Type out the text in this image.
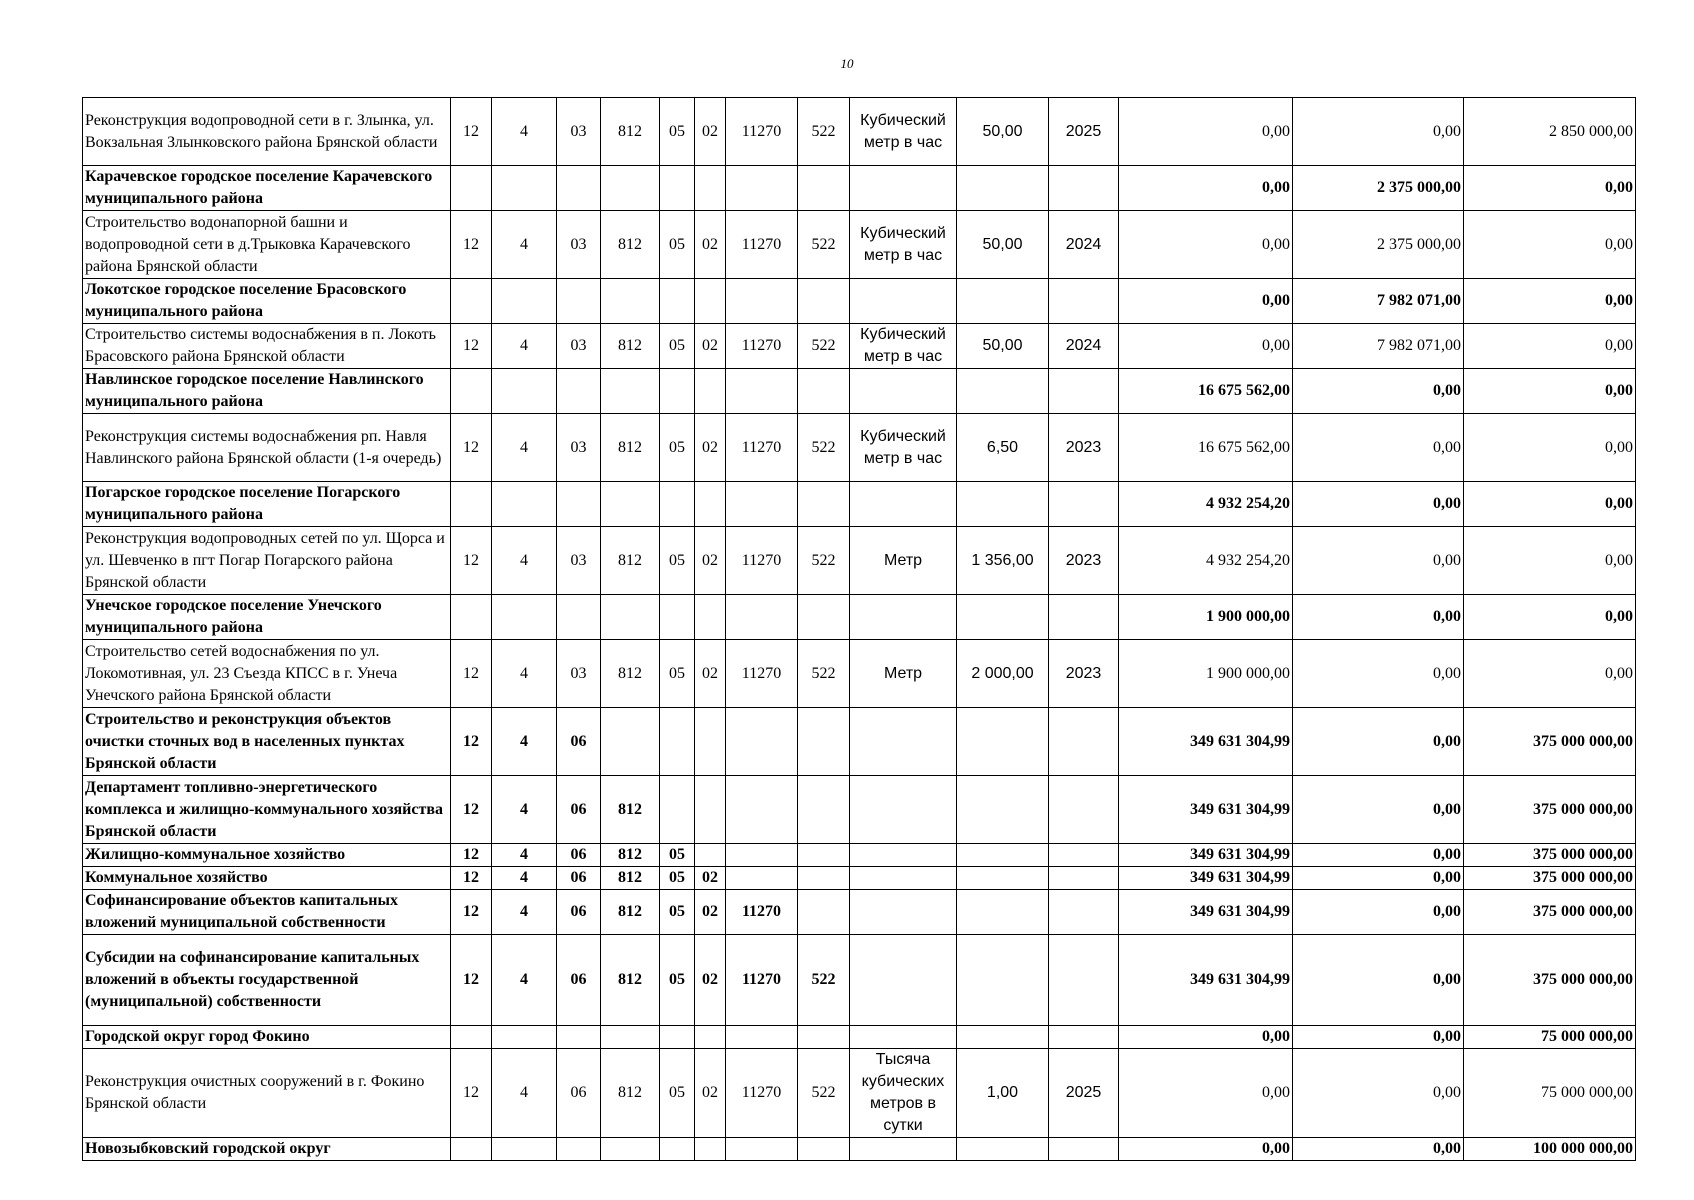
10
Реконструкция водопроводной сети в г. Злынка, ул. Вокзальная Злынковского района Брянской области	12	4	03	812	05	02	11270	522	Кубический метр в час	50,00	2025	0,00	0,00	2 850 000,00
Карачевское городское поселение Карачевского муниципального района												0,00	2 375 000,00	0,00
Строительство водонапорной башни и водопроводной сети в д.Трыковка Карачевского района Брянской области	12	4	03	812	05	02	11270	522	Кубический метр в час	50,00	2024	0,00	2 375 000,00	0,00
Локотское городское поселение Брасовского муниципального района												0,00	7 982 071,00	0,00
Строительство системы водоснабжения в п. Локоть Брасовского района Брянской области	12	4	03	812	05	02	11270	522	Кубический метр в час	50,00	2024	0,00	7 982 071,00	0,00
Навлинское городское поселение Навлинского муниципального района												16 675 562,00	0,00	0,00
Реконструкция системы водоснабжения рп. Навля Навлинского района Брянской области (1-я очередь)	12	4	03	812	05	02	11270	522	Кубический метр в час	6,50	2023	16 675 562,00	0,00	0,00
Погарское городское поселение Погарского муниципального района												4 932 254,20	0,00	0,00
Реконструкция водопроводных сетей по ул. Щорса и ул. Шевченко в пгт Погар Погарского района Брянской области	12	4	03	812	05	02	11270	522	Метр	1 356,00	2023	4 932 254,20	0,00	0,00
Унечское городское поселение Унечского муниципального района												1 900 000,00	0,00	0,00
Строительство сетей водоснабжения по ул. Локомотивная, ул. 23 Съезда КПСС в г. Унеча Унечского района Брянской области	12	4	03	812	05	02	11270	522	Метр	2 000,00	2023	1 900 000,00	0,00	0,00
Строительство и реконструкция объектов очистки сточных вод в населенных пунктах Брянской области	12	4	06									349 631 304,99	0,00	375 000 000,00
Департамент топливно-энергетического комплекса и жилищно-коммунального хозяйства Брянской области	12	4	06	812								349 631 304,99	0,00	375 000 000,00
Жилищно-коммунальное хозяйство	12	4	06	812	05							349 631 304,99	0,00	375 000 000,00
Коммунальное хозяйство	12	4	06	812	05	02						349 631 304,99	0,00	375 000 000,00
Софинансирование объектов капитальных вложений муниципальной собственности	12	4	06	812	05	02	11270					349 631 304,99	0,00	375 000 000,00
Субсидии на софинансирование капитальных вложений в объекты государственной (муниципальной) собственности	12	4	06	812	05	02	11270	522				349 631 304,99	0,00	375 000 000,00
Городской округ город Фокино												0,00	0,00	75 000 000,00
Реконструкция очистных сооружений в г. Фокино Брянской области	12	4	06	812	05	02	11270	522	Тысяча кубических метров в сутки	1,00	2025	0,00	0,00	75 000 000,00
Новозыбковский городской округ												0,00	0,00	100 000 000,00
